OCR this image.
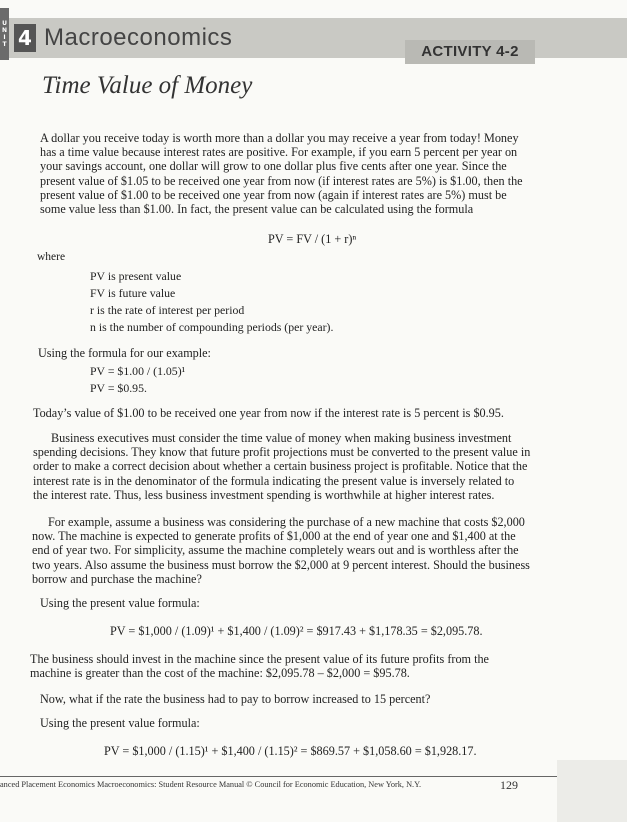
U
N
I
T 4 Macroeconomics
ACTIVITY 4-2
Time Value of Money

A dollar you receive today is worth more than a dollar you may receive a year from today! Money has a time value because interest rates are positive. For example, if you earn 5 percent per year on your savings account, one dollar will grow to one dollar plus five cents after one year. Since the present value of $1.05 to be received one year from now (if interest rates are 5%) is $1.00, then the present value of $1.00 to be received one year from now (again if interest rates are 5%) must be some value less than $1.00. In fact, the present value can be calculated using the formula

PV = FV / (1 + r)ⁿ
where
PV is present value
FV is future value
r is the rate of interest per period
n is the number of compounding periods (per year).
Using the formula for our example:
PV = $1.00 / (1.05)¹
PV = $0.95.
Today’s value of $1.00 to be received one year from now if the interest rate is 5 percent is $0.95.

Business executives must consider the time value of money when making business investment spending decisions. They know that future profit projections must be converted to the present value in order to make a correct decision about whether a certain business project is profitable. Notice that the interest rate is in the denominator of the formula indicating the present value is inversely related to the interest rate. Thus, less business investment spending is worthwhile at higher interest rates.

For example, assume a business was considering the purchase of a new machine that costs $2,000 now. The machine is expected to generate profits of $1,000 at the end of year one and $1,400 at the end of year two. For simplicity, assume the machine completely wears out and is worthless after the two years. Also assume the business must borrow the $2,000 at 9 percent interest. Should the business borrow and purchase the machine?

Using the present value formula:
PV = $1,000 / (1.09)¹ + $1,400 / (1.09)² = $917.43 + $1,178.35 = $2,095.78.

The business should invest in the machine since the present value of its future profits from the machine is greater than the cost of the machine: $2,095.78 – $2,000 = $95.78.

Now, what if the rate the business had to pay to borrow increased to 15 percent?
Using the present value formula:
PV = $1,000 / (1.15)¹ + $1,400 / (1.15)² = $869.57 + $1,058.60 = $1,928.17.
anced Placement Economics Macroeconomics: Student Resource Manual © Council for Economic Education, New York, N.Y.	129
